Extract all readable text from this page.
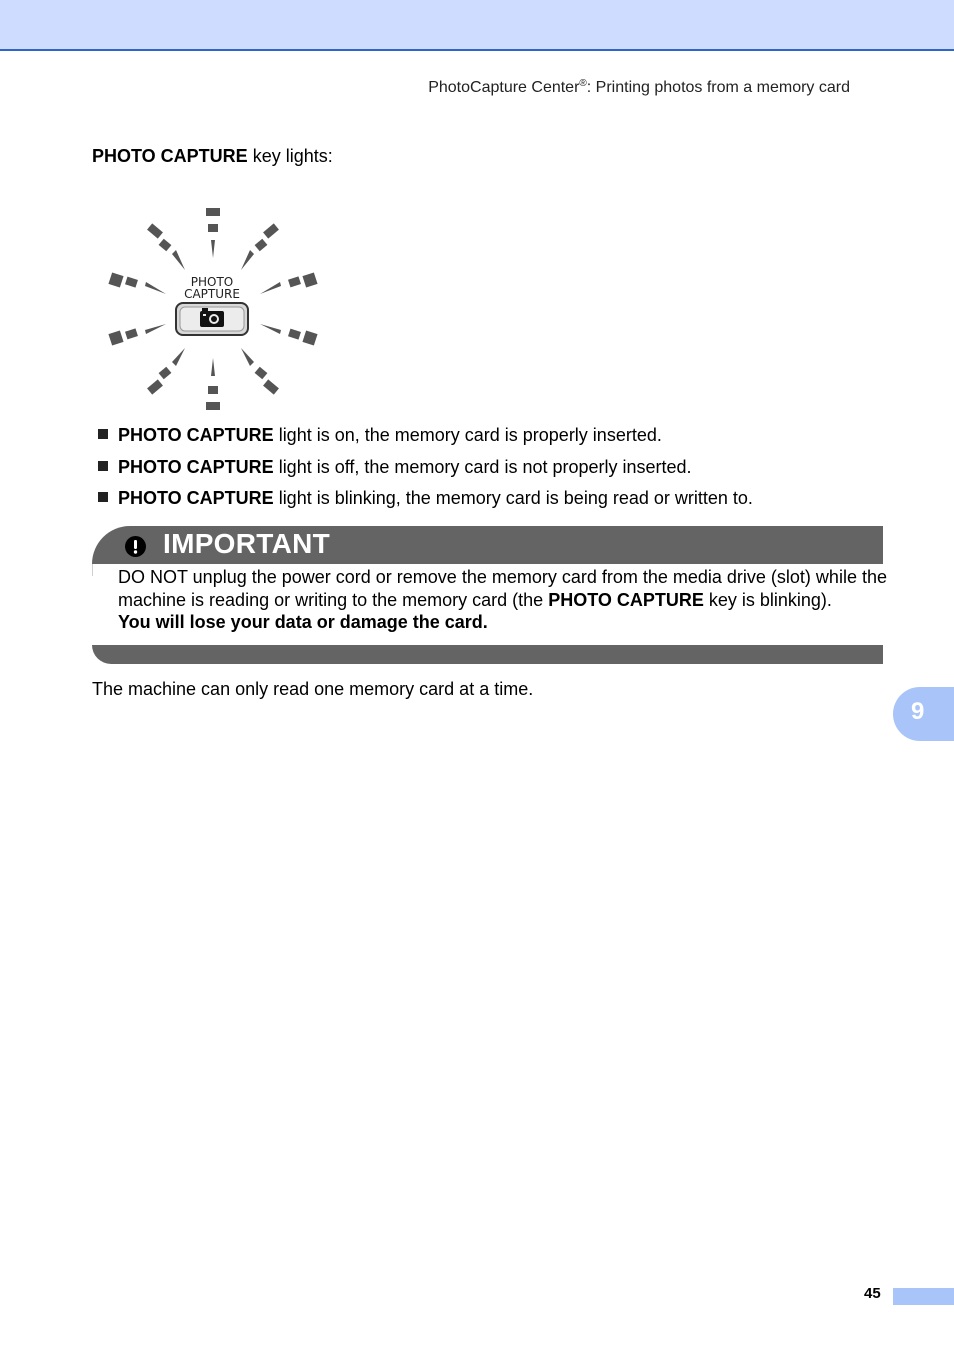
PhotoCapture Center®: Printing photos from a memory card
PHOTO CAPTURE key lights:
PHOTO
CAPTURE
PHOTO CAPTURE light is on, the memory card is properly inserted.
PHOTO CAPTURE light is off, the memory card is not properly inserted.
PHOTO CAPTURE light is blinking, the memory card is being read or written to.
IMPORTANT
DO NOT unplug the power cord or remove the memory card from the media drive (slot) while the machine is reading or writing to the memory card (the PHOTO CAPTURE key is blinking).
You will lose your data or damage the card.
The machine can only read one memory card at a time.
9
45
